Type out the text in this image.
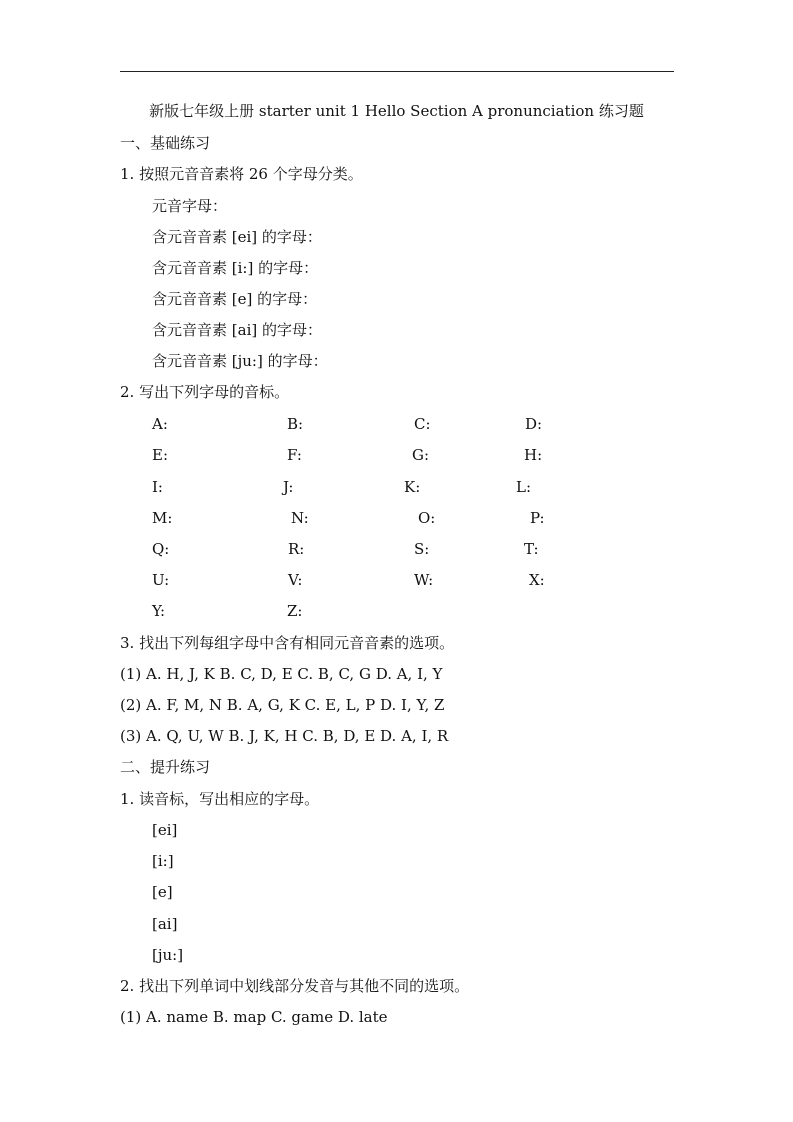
新版七年级上册 starter unit 1 Hello Section A pronunciation 练习题
一、基础练习
1. 按照元音音素将 26 个字母分类。
元音字母：
含元音音素 [ei] 的字母：
含元音音素 [i:] 的字母：
含元音音素 [e] 的字母：
含元音音素 [ai] 的字母：
含元音音素 [ju:] 的字母：
2. 写出下列字母的音标。
A:	B:	C:	D:
E:	F:	G:	H:
I:	J:	K:	L:
M:	N:	O:	P:
Q:	R:	S:	T:
U:	V:	W:	X:
Y:	Z:
3. 找出下列每组字母中含有相同元音音素的选项。
(1) A. H, J, K B. C, D, E C. B, C, G D. A, I, Y
(2) A. F, M, N B. A, G, K C. E, L, P D. I, Y, Z
(3) A. Q, U, W B. J, K, H C. B, D, E D. A, I, R
二、提升练习
1. 读音标，写出相应的字母。
[ei]
[i:]
[e]
[ai]
[ju:]
2. 找出下列单词中划线部分发音与其他不同的选项。
(1) A. name B. map C. game D. late
